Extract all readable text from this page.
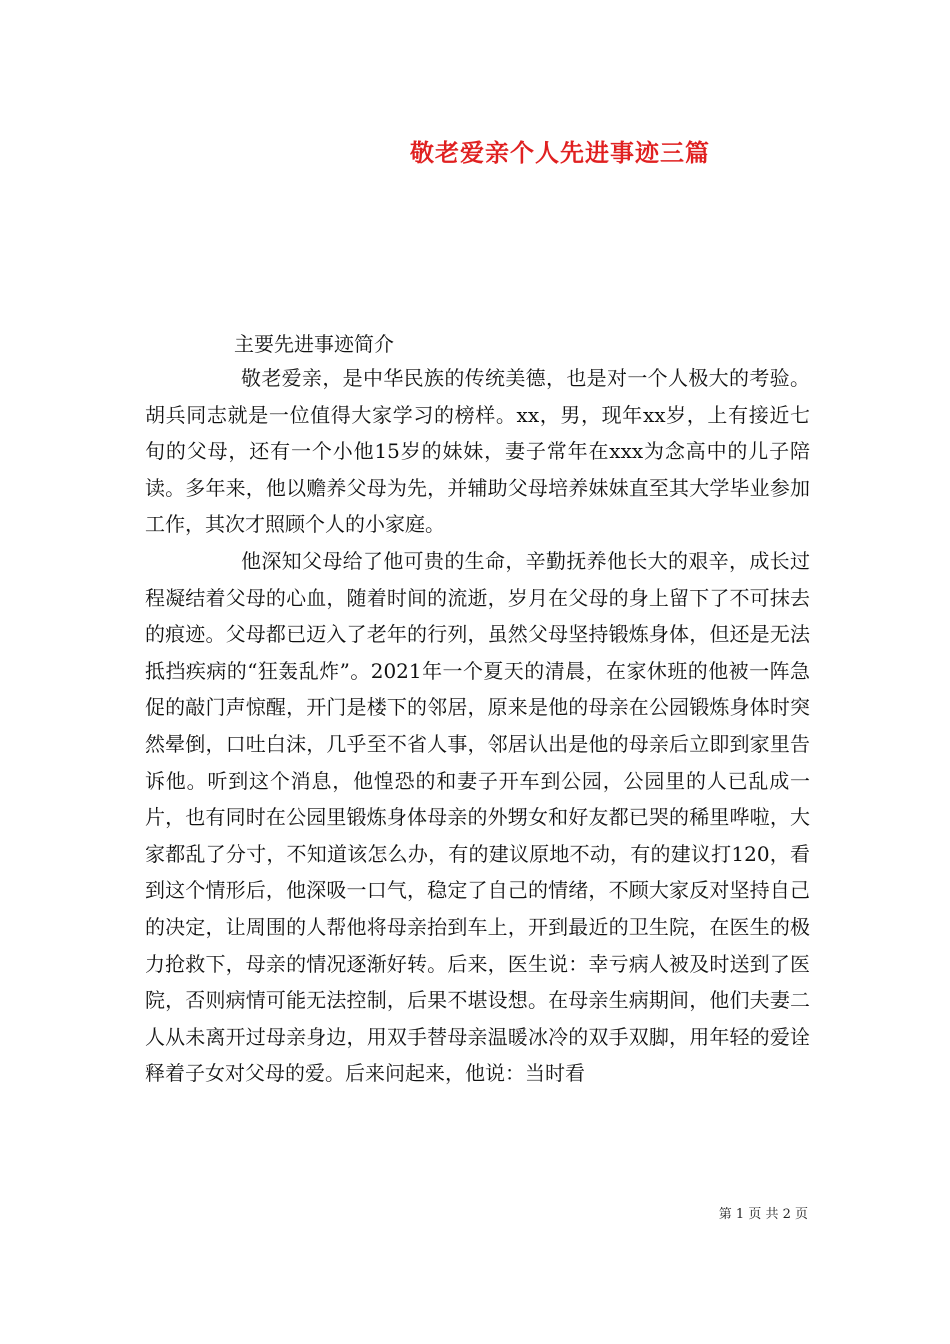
敬老爱亲个人先进事迹三篇

主要先进事迹简介

敬老爱亲，是中华民族的传统美德，也是对一个人极大的考验。胡兵同志就是一位值得大家学习的榜样。xx，男，现年xx岁，上有接近七旬的父母，还有一个小他15岁的妹妹，妻子常年在xxx为念高中的儿子陪读。多年来，他以赡养父母为先，并辅助父母培养妹妹直至其大学毕业参加工作，其次才照顾个人的小家庭。

他深知父母给了他可贵的生命，辛勤抚养他长大的艰辛，成长过程凝结着父母的心血，随着时间的流逝，岁月在父母的身上留下了不可抹去的痕迹。父母都已迈入了老年的行列，虽然父母坚持锻炼身体，但还是无法抵挡疾病的“狂轰乱炸”。2021年一个夏天的清晨，在家休班的他被一阵急促的敲门声惊醒，开门是楼下的邻居，原来是他的母亲在公园锻炼身体时突然晕倒，口吐白沫，几乎至不省人事，邻居认出是他的母亲后立即到家里告诉他。听到这个消息，他惶恐的和妻子开车到公园，公园里的人已乱成一片，也有同时在公园里锻炼身体母亲的外甥女和好友都已哭的稀里哗啦，大家都乱了分寸，不知道该怎么办，有的建议原地不动，有的建议打120，看到这个情形后，他深吸一口气，稳定了自己的情绪，不顾大家反对坚持自己的决定，让周围的人帮他将母亲抬到车上，开到最近的卫生院，在医生的极力抢救下，母亲的情况逐渐好转。后来，医生说：幸亏病人被及时送到了医院，否则病情可能无法控制，后果不堪设想。在母亲生病期间，他们夫妻二人从未离开过母亲身边，用双手替母亲温暖冰冷的双手双脚，用年轻的爱诠释着子女对父母的爱。后来问起来，他说：当时看

第 1 页 共 2 页
